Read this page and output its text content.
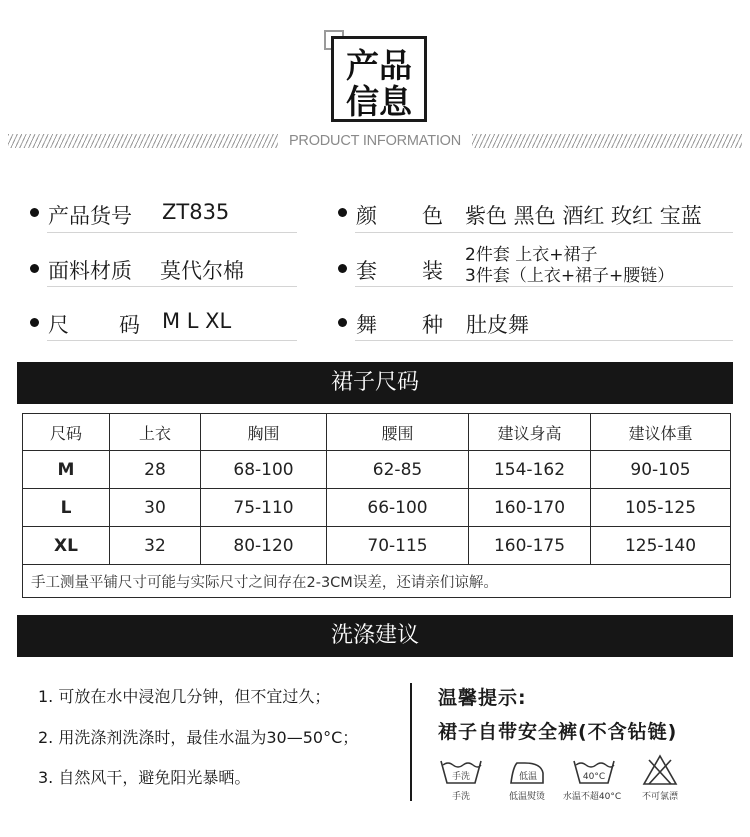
产品
信息
PRODUCT INFORMATION
产品货号 ZT835
面料材质 莫代尔棉
尺 码 M L XL
颜 色 紫色 黑色 酒红 玫红 宝蓝
套 装
2件套 上衣+裙子
3件套（上衣+裙子+腰链）
舞 种 肚皮舞
裙子尺码
尺码	上衣	胸围	腰围	建议身高	建议体重
M	28	68-100	62-85	154-162	90-105
L	30	75-110	66-100	160-170	105-125
XL	32	80-120	70-115	160-175	125-140
手工测量平铺尺寸可能与实际尺寸之间存在2-3CM误差，还请亲们谅解。					
洗涤建议
1. 可放在水中浸泡几分钟，但不宜过久；
2. 用洗涤剂洗涤时，最佳水温为30—50°C；
3. 自然风干，避免阳光暴晒。
温馨提示:
裙子自带安全裤(不含钻链)
手洗
手洗
低温
低温熨烫
40°C
水温不超40°C	不可氯漂
